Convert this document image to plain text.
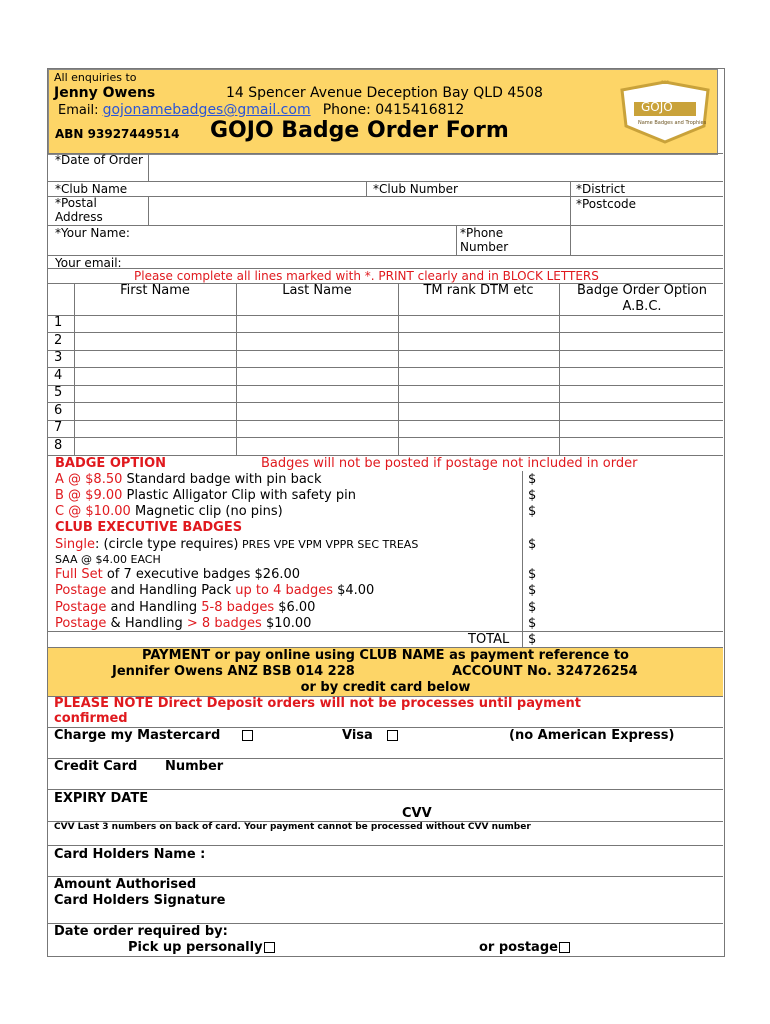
All enquiries to
Jenny Owens	14 Spencer Avenue Deception Bay QLD 4508
Email: gojonamebadges@gmail.com Phone: 0415416812
ABN 93927449514 GOJO Badge Order Form
GOJO
Name Badges and Trophies
*Date of Order
*Club Name	*Club Number	*District
*Postal Address
*Postcode
*Your Name:	*Phone Number
Your email:
Please complete all lines marked with *. PRINT clearly and in BLOCK LETTERS
First Name	Last Name	TM rank DTM etc	Badge Order Option A.B.C.
1
2
3
4
5
6
7
8
BADGE OPTION	Badges will not be posted if postage not included in order
A @ $8.50 Standard badge with pin back	$
B @ $9.00 Plastic Alligator Clip with safety pin	$
C @ $10.00 Magnetic clip (no pins)	$
CLUB EXECUTIVE BADGES
Single: (circle type requires) PRES VPE VPM VPPR SEC TREAS	$
SAA @ $4.00 EACH
Full Set of 7 executive badges $26.00	$
Postage and Handling Pack up to 4 badges $4.00	$
Postage and Handling 5-8 badges $6.00	$
Postage & Handling > 8 badges $10.00	$
TOTAL $
PAYMENT or pay online using CLUB NAME as payment reference to
Jennifer Owens ANZ BSB 014 228	ACCOUNT No. 324726254
or by credit card below
PLEASE NOTE Direct Deposit orders will not be processes until payment confirmed
Charge my Mastercard	Visa	(no American Express)
Credit Card Number
EXPIRY DATE
CVV
CVV Last 3 numbers on back of card. Your payment cannot be processed without CVV number
Card Holders Name :
Amount Authorised
Card Holders Signature
Date order required by:
Pick up personally	or postage
